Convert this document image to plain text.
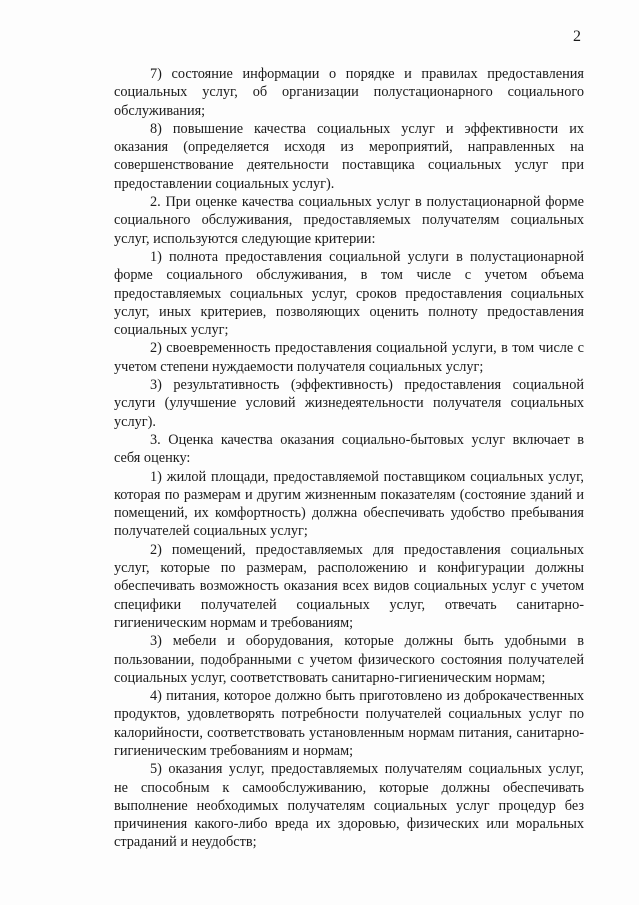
2

7) состояние информации о порядке и правилах предоставления социальных услуг, об организации полустационарного социального обслуживания;

8) повышение качества социальных услуг и эффективности их оказания (определяется исходя из мероприятий, направленных на совершенствование деятельности поставщика социальных услуг при предоставлении социальных услуг).

2. При оценке качества социальных услуг в полустационарной форме социального обслуживания, предоставляемых получателям социальных услуг, используются следующие критерии:

1) полнота предоставления социальной услуги в полустационарной форме социального обслуживания, в том числе с учетом объема предоставляемых социальных услуг, сроков предоставления социальных услуг, иных критериев, позволяющих оценить полноту предоставления социальных услуг;

2) своевременность предоставления социальной услуги, в том числе с учетом степени нуждаемости получателя социальных услуг;

3) результативность (эффективность) предоставления социальной услуги (улучшение условий жизнедеятельности получателя социальных услуг).

3. Оценка качества оказания социально-бытовых услуг включает в себя оценку:

1) жилой площади, предоставляемой поставщиком социальных услуг, которая по размерам и другим жизненным показателям (состояние зданий и помещений, их комфортность) должна обеспечивать удобство пребывания получателей социальных услуг;

2) помещений, предоставляемых для предоставления социальных услуг, которые по размерам, расположению и конфигурации должны обеспечивать возможность оказания всех видов социальных услуг с учетом специфики получателей социальных услуг, отвечать санитарно-гигиеническим нормам и требованиям;

3) мебели и оборудования, которые должны быть удобными в пользовании, подобранными с учетом физического состояния получателей социальных услуг, соответствовать санитарно-гигиеническим нормам;

4) питания, которое должно быть приготовлено из доброкачественных продуктов, удовлетворять потребности получателей социальных услуг по калорийности, соответствовать установленным нормам питания, санитарно-гигиеническим требованиям и нормам;

5) оказания услуг, предоставляемых получателям социальных услуг, не способным к самообслуживанию, которые должны обеспечивать выполнение необходимых получателям социальных услуг процедур без причинения какого-либо вреда их здоровью, физических или моральных страданий и неудобств;
